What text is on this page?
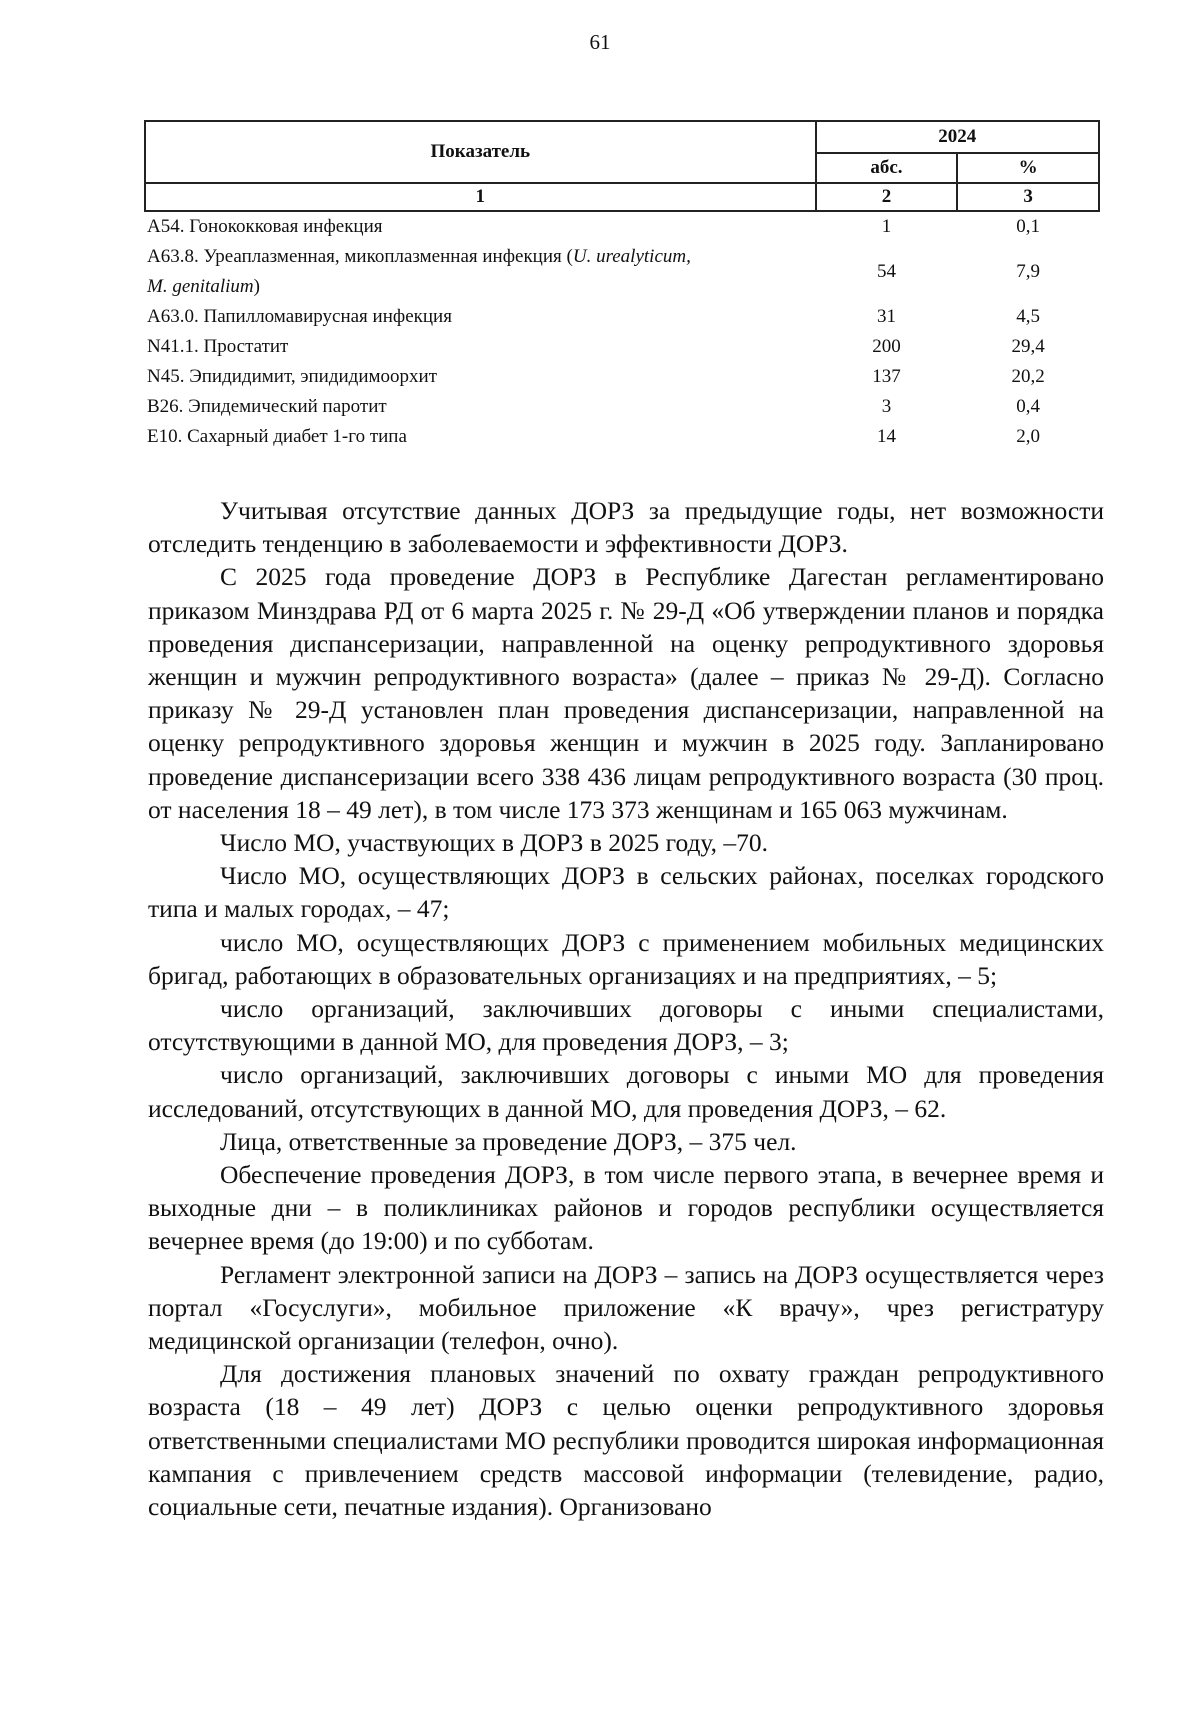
61
Показатель	2024	
	абс.	%
1	2	3
А54. Гонококковая инфекция	1	0,1
А63.8. Уреаплазменная, микоплазменная инфекция (U. urealyticum,
M. genitalium)	54	7,9
А63.0. Папилломавирусная инфекция	31	4,5
N41.1. Простатит	200	29,4
N45. Эпидидимит, эпидидимоорхит	137	20,2
B26. Эпидемический паротит	3	0,4
E10. Сахарный диабет 1-го типа	14	2,0

Учитывая отсутствие данных ДОРЗ за предыдущие годы, нет возможности отследить тенденцию в заболеваемости и эффективности ДОРЗ.

С 2025 года проведение ДОРЗ в Республике Дагестан регламентировано приказом Минздрава РД от 6 марта 2025 г. № 29-Д «Об утверждении планов и порядка проведения диспансеризации, направленной на оценку репродуктивного здоровья женщин и мужчин репродуктивного возраста» (далее – приказ № 29-Д). Согласно приказу № 29-Д установлен план проведения диспансеризации, направленной на оценку репродуктивного здоровья женщин и мужчин в 2025 году. Запланировано проведение диспансеризации всего 338 436 лицам репродуктивного возраста (30 проц. от населения 18 – 49 лет), в том числе 173 373 женщинам и 165 063 мужчинам.

Число МО, участвующих в ДОРЗ в 2025 году, –70.

Число МО, осуществляющих ДОРЗ в сельских районах, поселках городского типа и малых городах, – 47;

число МО, осуществляющих ДОРЗ с применением мобильных медицинских бригад, работающих в образовательных организациях и на предприятиях, – 5;

число организаций, заключивших договоры с иными специалистами, отсутствующими в данной МО, для проведения ДОРЗ, – 3;

число организаций, заключивших договоры с иными МО для проведения исследований, отсутствующих в данной МО, для проведения ДОРЗ, – 62.

Лица, ответственные за проведение ДОРЗ, – 375 чел.

Обеспечение проведения ДОРЗ, в том числе первого этапа, в вечернее время и выходные дни – в поликлиниках районов и городов республики осуществляется вечернее время (до 19:00) и по субботам.

Регламент электронной записи на ДОРЗ – запись на ДОРЗ осуществляется через портал «Госуслуги», мобильное приложение «К врачу», чрез регистратуру медицинской организации (телефон, очно).

Для достижения плановых значений по охвату граждан репродуктивного возраста (18 – 49 лет) ДОРЗ с целью оценки репродуктивного здоровья ответственными специалистами МО республики проводится широкая информационная кампания с привлечением средств массовой информации (телевидение, радио, социальные сети, печатные издания). Организовано
